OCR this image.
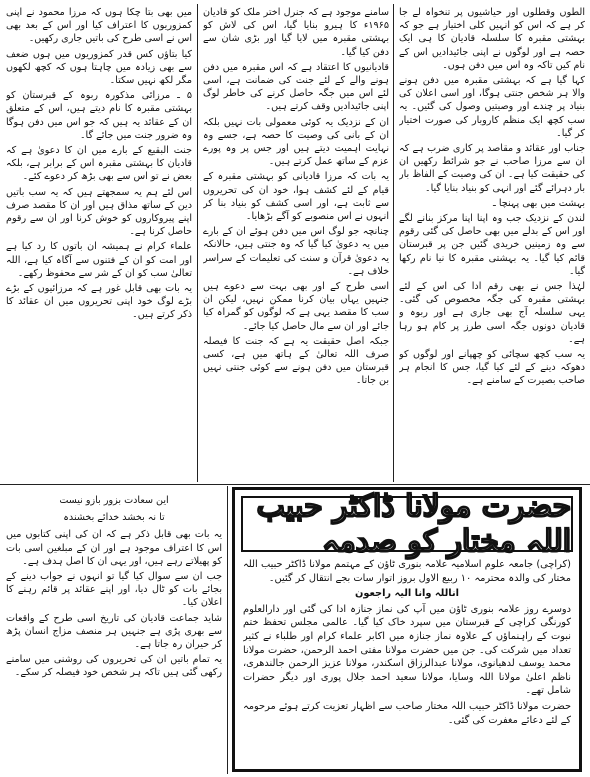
الطوں وقطلوں اور حیاشیوں پر تنخواہ لے جا کر ہے کہ اس کو انہیں کلی اختیار ہے جو کہ بہشتی مقبرہ کا سلسلہ قادیان کا ہی ایک حصہ ہے اور لوگوں نے اپنی جائیدادیں اس کے نام کیں تاکہ وہ اس میں دفن ہوں۔

کہا گیا ہے کہ بہشتی مقبرہ میں دفن ہونے والا ہر شخص جنتی ہوگا، اور اسی اعلان کی بنیاد پر چندے اور وصیتیں وصول کی گئیں۔ یہ سب کچھ ایک منظم کاروبار کی صورت اختیار کر گیا۔

جناب اور عقائد و مقاصد پر کاری ضرب ہے کہ ان سے مرزا صاحب نے جو شرائط رکھیں ان کی حقیقت کیا ہے۔ ان کی وصیت کے الفاظ بار بار دہرائے گئے اور انہی کو بنیاد بنایا گیا۔

بہشت میں بھی پہنچا ـ

لندن کے نزدیک جب وہ اپنا اپنا مرکز بنانے لگے اور اس کے بدلے میں بھی حاصل کی گئی رقوم سے وہ زمینیں خریدی گئیں جن پر قبرستان قائم کیا گیا۔ یہ بہشتی مقبرہ کا نیا نام رکھا گیا۔

لہٰذا جس نے بھی رقم ادا کی اس کے لئے بہشتی مقبرہ کی جگہ مخصوص کی گئی۔ یہی سلسلہ آج بھی جاری ہے اور ربوہ و قادیان دونوں جگہ اسی طرز پر کام ہو رہا ہے۔

یہ سب کچھ سچائی کو چھپانے اور لوگوں کو دھوکہ دینے کے لئے کیا گیا، جس کا انجام ہر صاحب بصیرت کے سامنے ہے۔

سامنے موجود ہے کہ جنرل اختر ملک کو قادیان ۱۹۶۵ء کا ہیرو بنایا گیا، اس کی لاش کو بہشتی مقبرہ میں لایا گیا اور بڑی شان سے دفن کیا گیا۔

قادیانیوں کا اعتقاد ہے کہ اس مقبرہ میں دفن ہونے والے کے لئے جنت کی ضمانت ہے، اسی لئے اس میں جگہ حاصل کرنے کی خاطر لوگ اپنی جائیدادیں وقف کرتے ہیں۔

ان کے نزدیک یہ کوئی معمولی بات نہیں بلکہ ان کے بانی کی وصیت کا حصہ ہے، جسے وہ نہایت اہمیت دیتے ہیں اور جس پر وہ پورے عزم کے ساتھ عمل کرتے ہیں۔

یہ بات کہ مرزا قادیانی کو بہشتی مقبرہ کے قیام کے لئے کشف ہوا، خود ان کی تحریروں سے ثابت ہے، اور اسی کشف کو بنیاد بنا کر انہوں نے اس منصوبے کو آگے بڑھایا۔

چنانچہ جو لوگ اس میں دفن ہوئے ان کے بارے میں یہ دعویٰ کیا گیا کہ وہ جنتی ہیں، حالانکہ یہ دعویٰ قرآن و سنت کی تعلیمات کے سراسر خلاف ہے۔

اسی طرح کے اور بھی بہت سے دعوے ہیں جنہیں یہاں بیان کرنا ممکن نہیں، لیکن ان سب کا مقصد یہی ہے کہ لوگوں کو گمراہ کیا جائے اور ان سے مال حاصل کیا جائے۔

جبکہ اصل حقیقت یہ ہے کہ جنت کا فیصلہ صرف اللہ تعالیٰ کے ہاتھ میں ہے، کسی قبرستان میں دفن ہونے سے کوئی جنتی نہیں بن جاتا۔

میں بھی بتا چکا ہوں کہ مرزا محمود نے اپنی کمزوریوں کا اعتراف کیا اور اس کے بعد بھی اس نے اسی طرح کی باتیں جاری رکھیں۔

کیا بتاؤں کس قدر کمزوریوں میں ہوں ضعف سے بھی زیادہ میں چاہتا ہوں کہ کچھ لکھوں مگر لکھ نہیں سکتا۔

۵ ـ مرزائی مذکورہ ربوہ کے قبرستان کو بہشتی مقبرہ کا نام دیتے ہیں، اس کے متعلق ان کے عقائد یہ ہیں کہ جو اس میں دفن ہوگا وہ ضرور جنت میں جائے گا۔

جنت البقیع کے بارے میں ان کا دعویٰ ہے کہ قادیان کا بہشتی مقبرہ اس کے برابر ہے، بلکہ بعض نے تو اس سے بھی بڑھ کر دعوے کئے۔

اس لئے ہم یہ سمجھتے ہیں کہ یہ سب باتیں دین کے ساتھ مذاق ہیں اور ان کا مقصد صرف اپنے پیروکاروں کو خوش کرنا اور ان سے رقوم حاصل کرنا ہے۔

علماء کرام نے ہمیشہ ان باتوں کا رد کیا ہے اور امت کو ان کے فتنوں سے آگاہ کیا ہے، اللہ تعالیٰ سب کو ان کے شر سے محفوظ رکھے۔

یہ بات بھی قابل غور ہے کہ مرزائیوں کے بڑے بڑے لوگ خود اپنی تحریروں میں ان عقائد کا ذکر کرتے ہیں۔

این سعادت بزور بازو نیست

تا نہ بخشد خدائے بخشندہ

یہ بات بھی قابل ذکر ہے کہ ان کی اپنی کتابوں میں اس کا اعتراف موجود ہے اور ان کے مبلغین اسی بات کو پھیلاتے رہے ہیں، اور یہی ان کا اصل ہدف ہے۔

جب ان سے سوال کیا گیا تو انہوں نے جواب دینے کے بجائے بات کو ٹال دیا، اور اپنے عقائد پر قائم رہنے کا اعلان کیا۔

شاید جماعت قادیان کی تاریخ اسی طرح کے واقعات سے بھری پڑی ہے جنہیں ہر منصف مزاج انسان پڑھ کر حیران رہ جاتا ہے۔

یہ تمام باتیں ان کی تحریروں کی روشنی میں سامنے رکھی گئی ہیں تاکہ ہر شخص خود فیصلہ کر سکے۔

حضرت مولانا ڈاکٹر حبیب اللہ مختار کو صدمہ

(کراچی) جامعہ علوم اسلامیہ علامہ بنوری ٹاؤن کے مہتمم مولانا ڈاکٹر حبیب اللہ مختار کی والدہ محترمہ ۱۰ ربیع الاول بروز اتوار سات بجے انتقال کر گئیں۔

اناللہ وانا الیہ راجعون

دوسرے روز علامہ بنوری ٹاؤن میں آپ کی نماز جنازہ ادا کی گئی اور دارالعلوم کورنگی کراچی کے قبرستان میں سپرد خاک کیا گیا۔ عالمی مجلس تحفظ ختم نبوت کے راہنماؤں کے علاوہ نماز جنازہ میں اکابر علماء کرام اور طلباء نے کثیر تعداد میں شرکت کی۔ جن میں حضرت مولانا مفتی احمد الرحمن، حضرت مولانا محمد یوسف لدھیانوی، مولانا عبدالرزاق اسکندر، مولانا عزیز الرحمن جالندھری، ناظم اعلیٰ مولانا اللہ وسایا، مولانا سعید احمد جلال پوری اور دیگر حضرات شامل تھے۔

حضرت مولانا ڈاکٹر حبیب اللہ مختار صاحب سے اظہار تعزیت کرتے ہوئے مرحومہ کے لئے دعائے مغفرت کی گئی۔
